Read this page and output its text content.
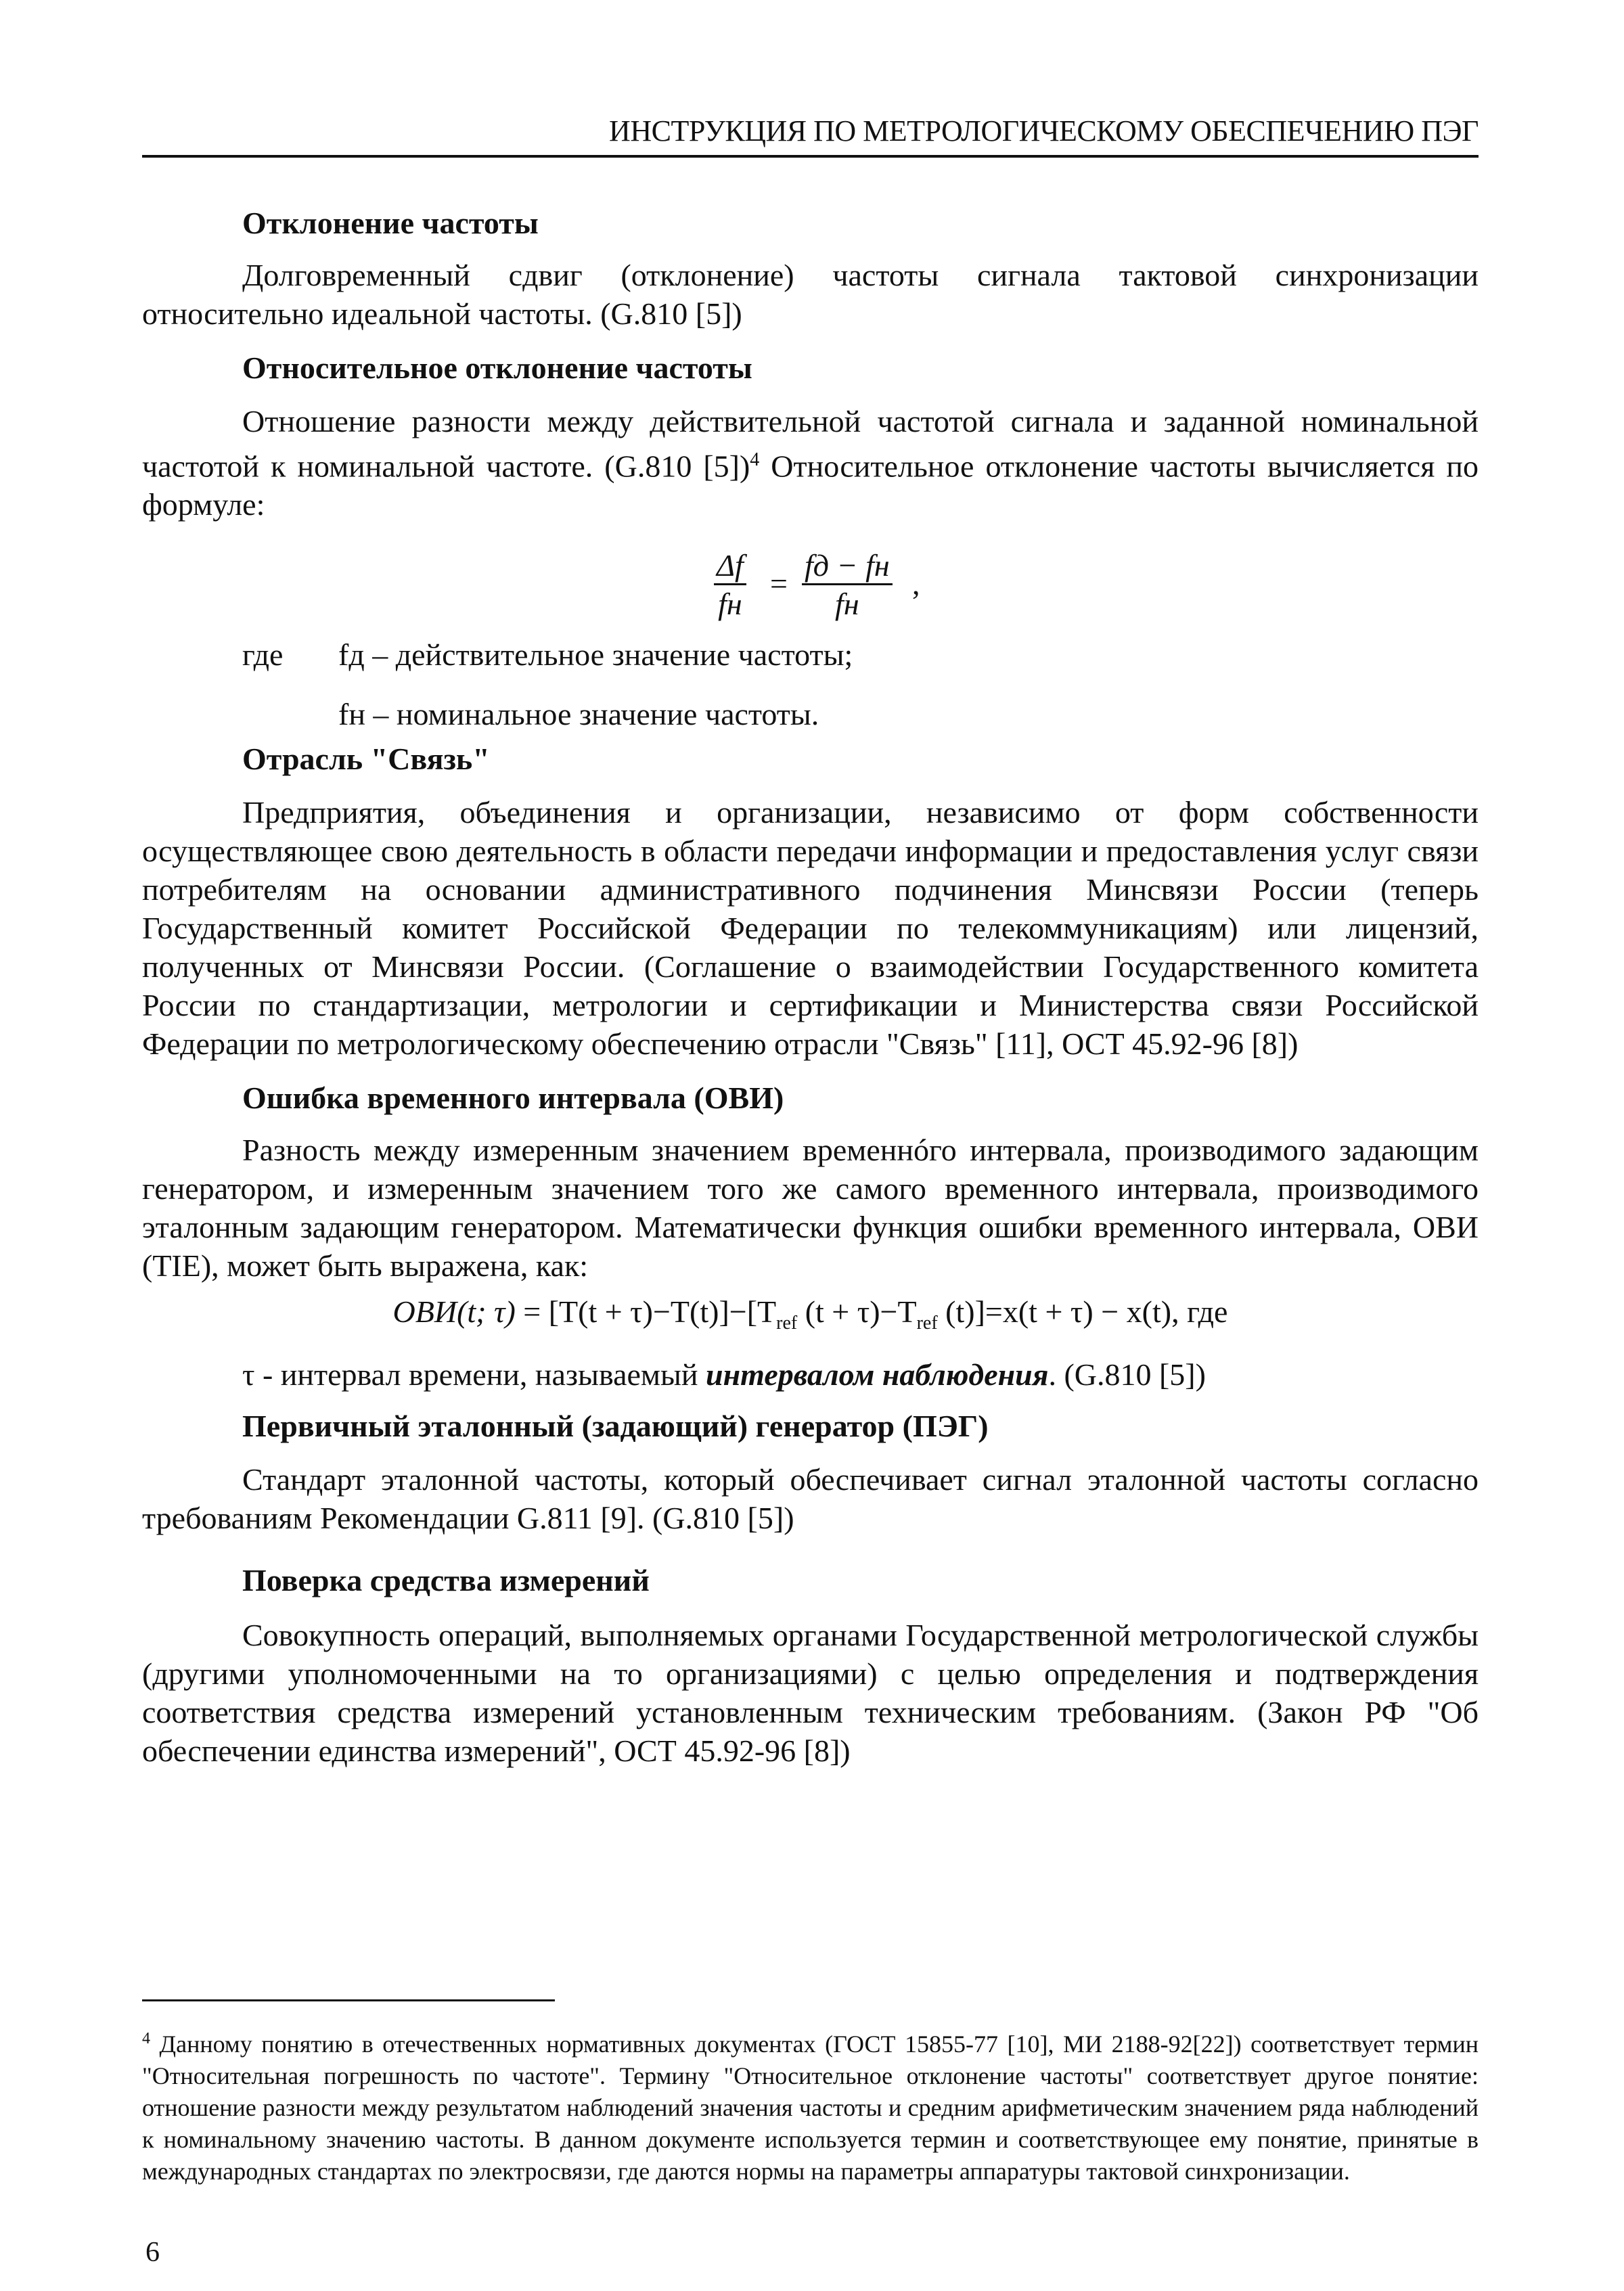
ИНСТРУКЦИЯ ПО МЕТРОЛОГИЧЕСКОМУ ОБЕСПЕЧЕНИЮ ПЭГ

Отклонение частоты

Долговременный сдвиг (отклонение) частоты сигнала тактовой синхронизации относительно идеальной частоты. (G.810 [5])

Относительное отклонение частоты

Отношение разности между действительной частотой сигнала и заданной номинальной частотой к номинальной частоте. (G.810 [5])$^4$ Относительное отклонение частоты вычисляется по формуле:

Δf
fн
=
fд − fн
fн
,
где	fд – действительное значение частоты;
fн – номинальное значение частоты.

Отрасль "Связь"

Предприятия, объединения и организации, независимо от форм собственности осуществляющее свою деятельность в области передачи информации и предоставления услуг связи потребителям на основании административного подчинения Минсвязи России (теперь Государственный комитет Российской Федерации по телекоммуникациям) или лицензий, полученных от Минсвязи России. (Соглашение о взаимодействии Государственного комитета России по стандартизации, метрологии и сертификации и Министерства связи Российской Федерации по метрологическому обеспечению отрасли "Связь" [11], ОСТ 45.92-96 [8])

Ошибка временного интервала (ОВИ)

Разность между измеренным значением временнóго интервала, производимого задающим генератором, и измеренным значением того же самого временного интервала, производимого эталонным задающим генератором. Математически функция ошибки временного интервала, ОВИ (TIE), может быть выражена, как:

ОВИ(t; $\tau) = [T(t + \tau)-T(t)]-[T_{ref}$ $(t + \tau)-T_{ref}$ (t)]=x(t + τ) − x(t), где

τ - интервал времени, называемый интервалом наблюдения. (G.810 [5])

Первичный эталонный (задающий) генератор (ПЭГ)

Стандарт эталонной частоты, который обеспечивает сигнал эталонной частоты согласно требованиям Рекомендации G.811 [9]. (G.810 [5])

Поверка средства измерений

Совокупность операций, выполняемых органами Государственной метрологической службы (другими уполномоченными на то организациями) с целью определения и подтверждения соответствия средства измерений установленным техническим требованиям. (Закон РФ "Об обеспечении единства измерений", ОСТ 45.92-96 [8])

$^4$ Данному понятию в отечественных нормативных документах (ГОСТ 15855-77 [10], МИ 2188-92[22]) соответствует термин "Относительная погрешность по частоте". Термину "Относительное отклонение частоты" соответствует другое понятие: отношение разности между результатом наблюдений значения частоты и средним арифметическим значением ряда наблюдений к номинальному значению частоты. В данном документе используется термин и соответствующее ему понятие, принятые в международных стандартах по электросвязи, где даются нормы на параметры аппаратуры тактовой синхронизации.
6
